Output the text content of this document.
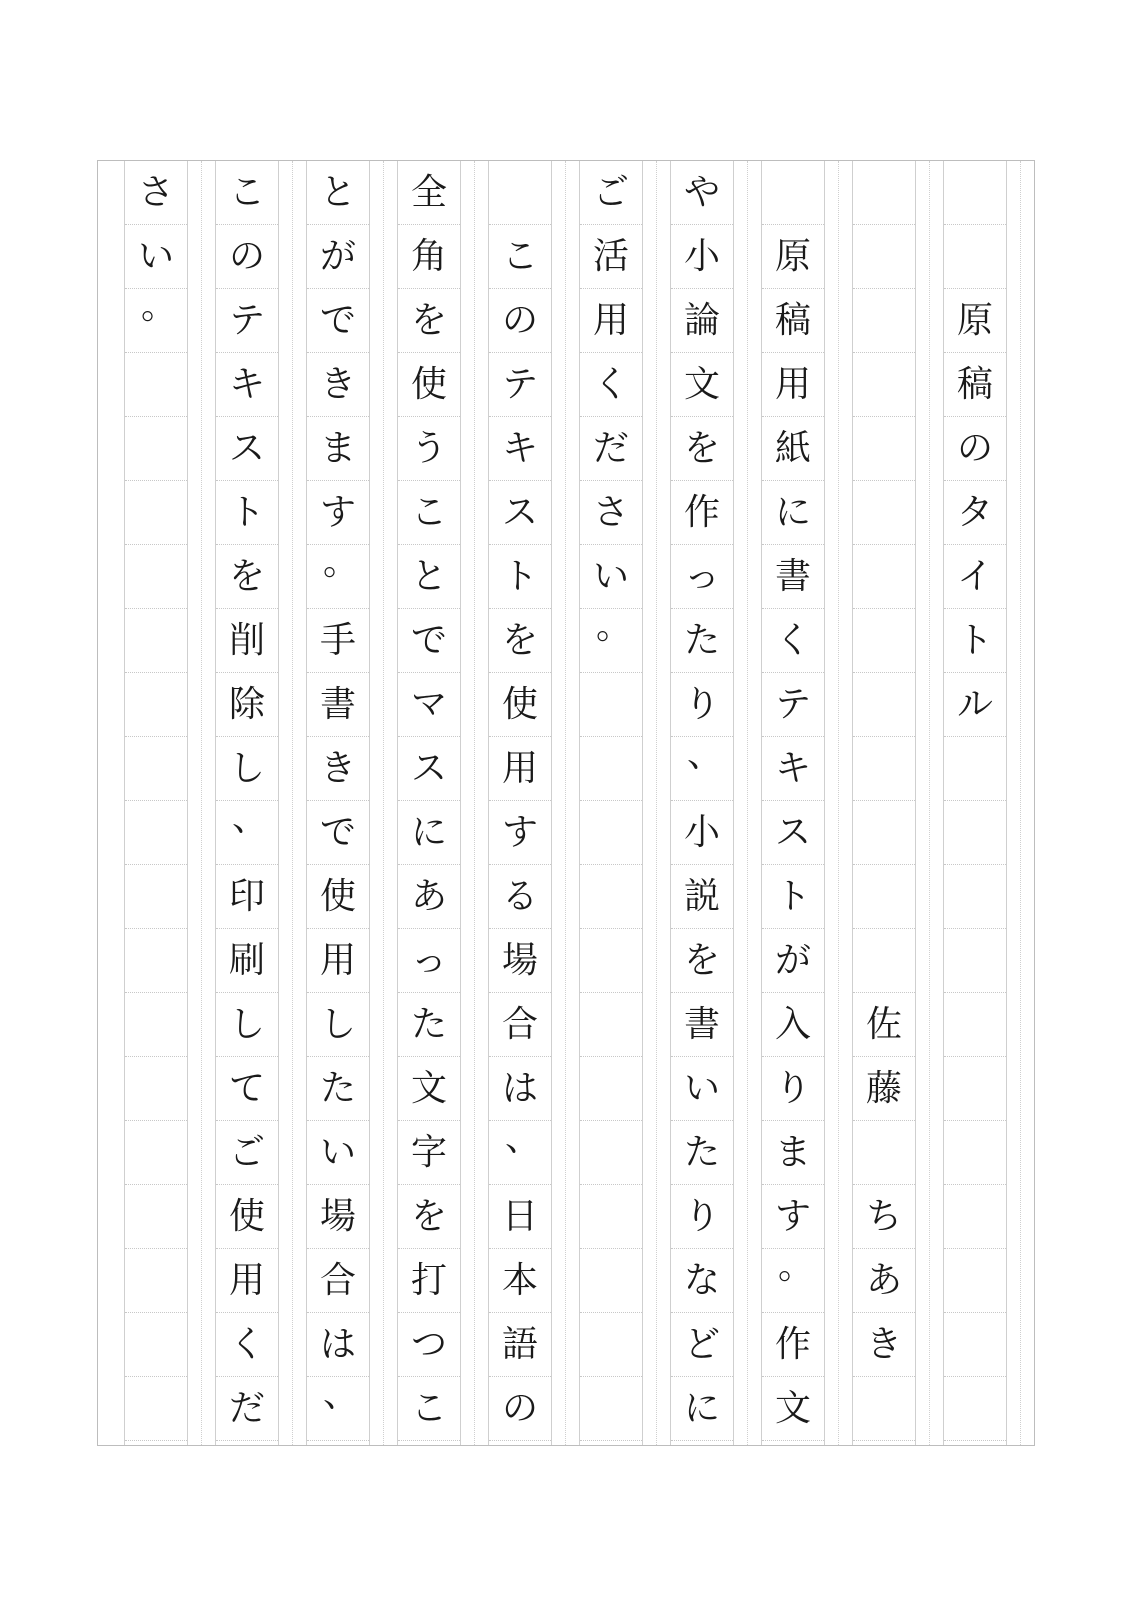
原
稿
の
タ
イ
ト
ル
佐
藤
ち
あ
き
原
稿
用
紙
に
書
く
テ
キ
ス
ト
が
入
り
ま
す
。
作
文
や
小
論
文
を
作
っ
た
り
、
小
説
を
書
い
た
り
な
ど
に
ご
活
用
く
だ
さ
い
。
こ
の
テ
キ
ス
ト
を
使
用
す
る
場
合
は
、
日
本
語
の
全
角
を
使
う
こ
と
で
マ
ス
に
あ
っ
た
文
字
を
打
つ
こ
と
が
で
き
ま
す
。
手
書
き
で
使
用
し
た
い
場
合
は
、
こ
の
テ
キ
ス
ト
を
削
除
し
、
印
刷
し
て
ご
使
用
く
だ
さ
い
。
